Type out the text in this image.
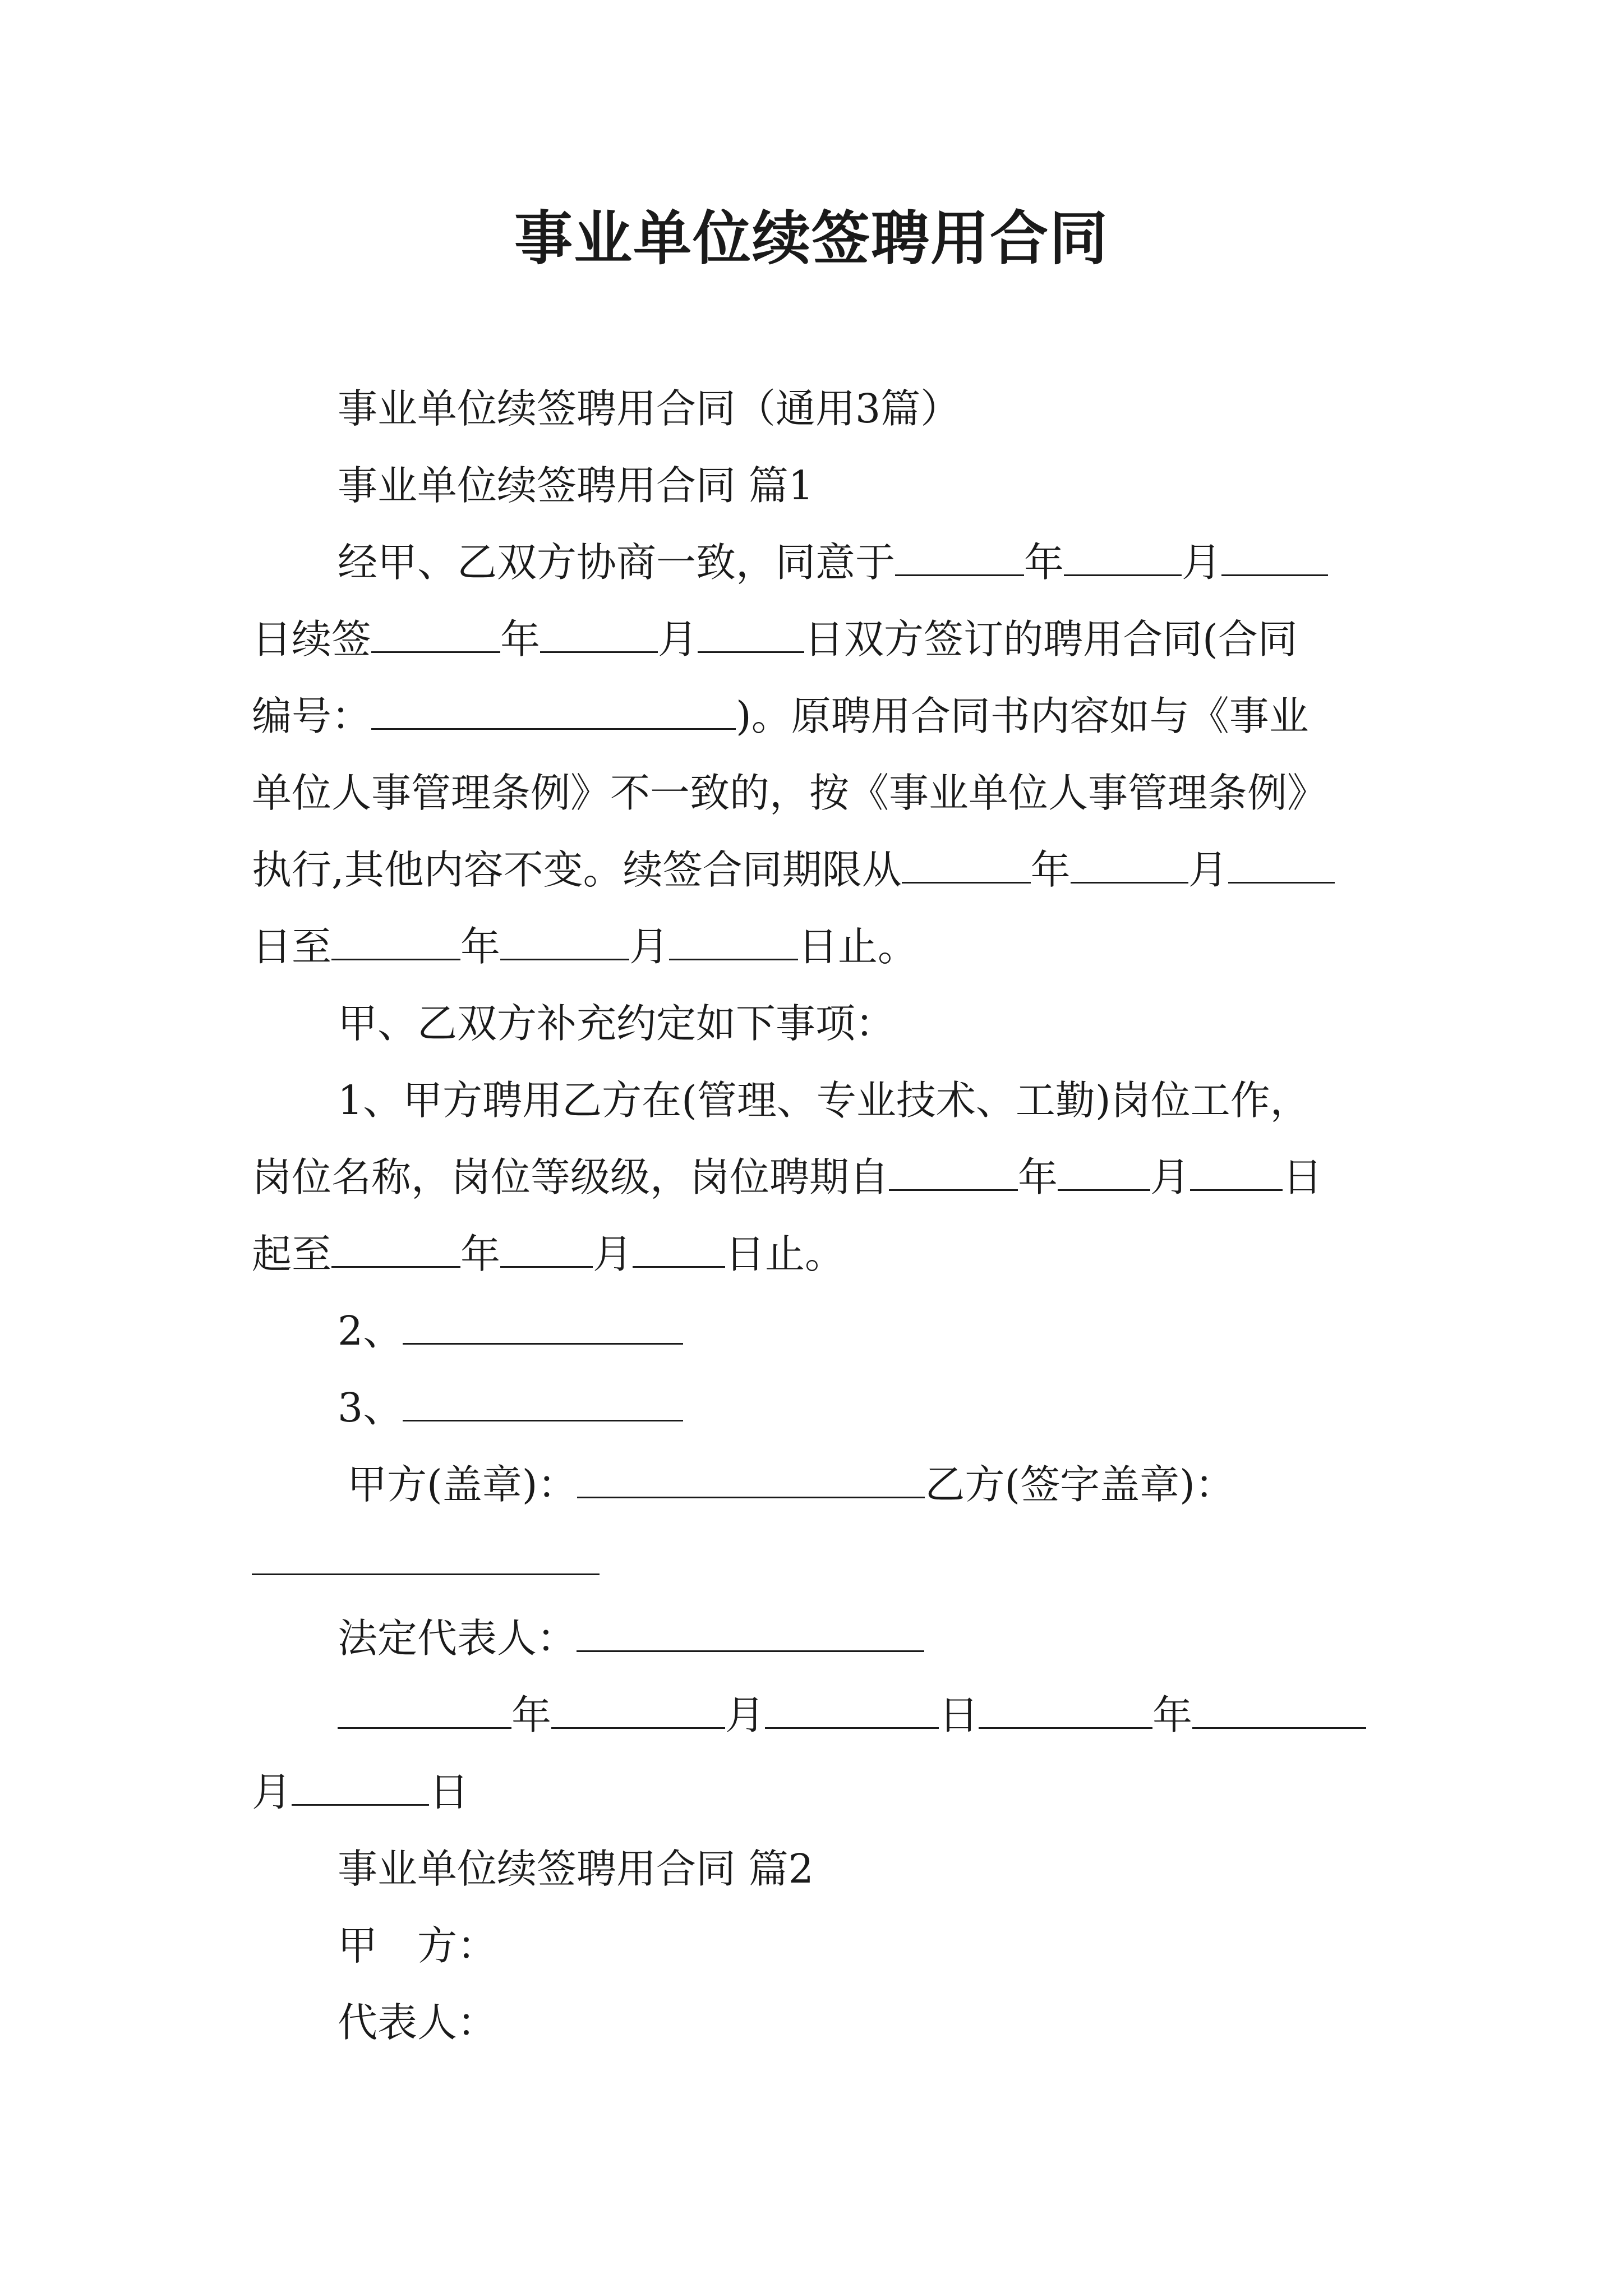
事业单位续签聘用合同
事业单位续签聘用合同（通用3篇）
事业单位续签聘用合同 篇1
经甲、乙双方协商一致，同意于	年	月
日续签	年	月	日双方签订的聘用合同(合同
编号：	)。原聘用合同书内容如与《事业
单位人事管理条例》不一致的，按《事业单位人事管理条例》
执行,其他内容不变。续签合同期限从	年	月
日至	年	月	日止。
甲、乙双方补充约定如下事项：
1、甲方聘用乙方在(管理、专业技术、工勤)岗位工作，
岗位名称，岗位等级级，岗位聘期自	年 月 日
起至	年 月 日止。
2、
3、
甲方(盖章)：	乙方(签字盖章)：
法定代表人：
年	月	日	年
月	日
事业单位续签聘用合同 篇2
甲　方：
代表人：
